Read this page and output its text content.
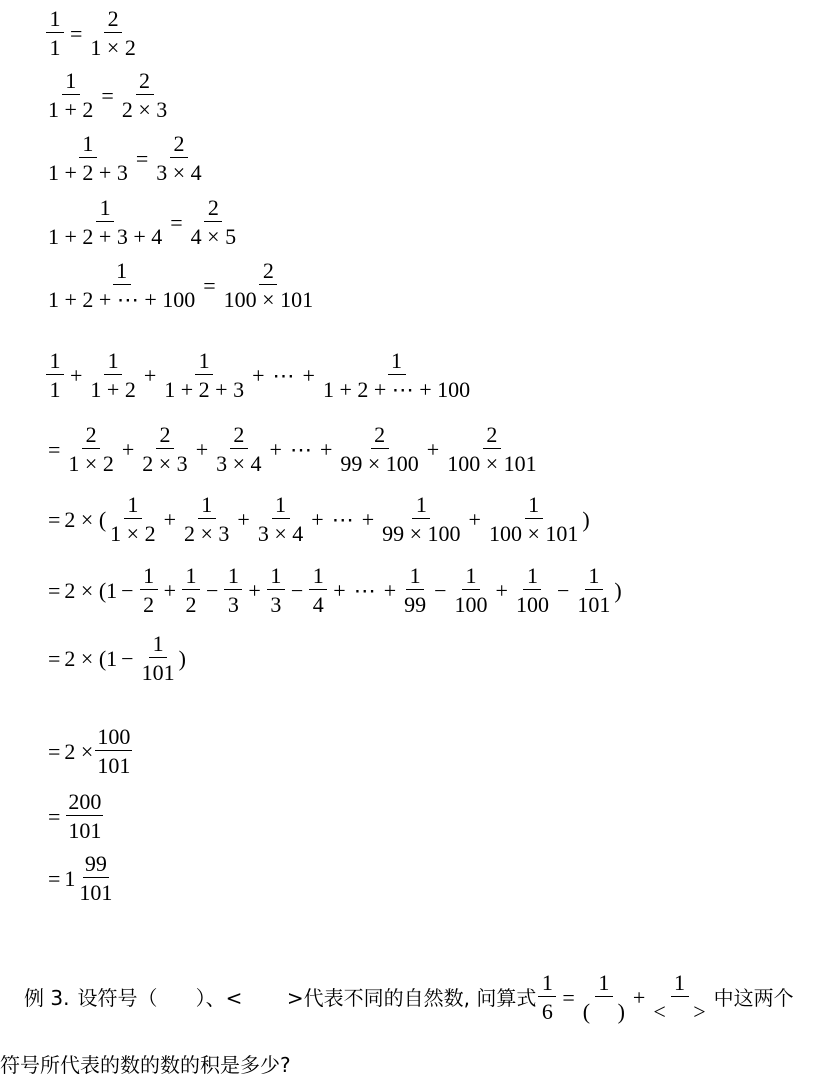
$\frac{1}{1} = \frac{2}{1 \times 2}$
$\frac{1}{1 + 2} = \frac{2}{2 \times 3}$
$\frac{1}{1 + 2 + 3} = \frac{2}{3 \times 4}$
$\frac{1}{1 + 2 + 3 + 4} = \frac{2}{4 \times 5}$
$\frac{1}{1 + 2 + \cdots + 100} = \frac{2}{100 \times 101}$
$\frac{1}{1} + \frac{1}{1 + 2} + \frac{1}{1 + 2 + 3}$ + ⋯ + $\frac{1}{1 + 2 + \cdots + 100}$
= $\frac{2}{1 \times 2} + \frac{2}{2 \times 3} + \frac{2}{3 \times 4}$ + ⋯ + $\frac{2}{99 \times 100} + \frac{2}{100 \times 101}$
= 2 × ( $\frac{1}{1 \times 2} + \frac{1}{2 \times 3} + \frac{1}{3 \times 4}$ + ⋯ + $\frac{1}{99 \times 100} + \frac{1}{100 \times 101}$ )
= $2 \times (1 - \frac{1}{2} + \frac{1}{2} - \frac{1}{3} + \frac{1}{3} - \frac{1}{4}$ + ⋯ + $\frac{1}{99} - \frac{1}{100} + \frac{1}{100} - \frac{1}{101}$ )
= $2 \times (1 - \frac{1}{101}$ )
= $2 \times \frac{100}{101}$
= $\frac{200}{101}$
= $1 \frac{99}{101}$
例 3. 设符号（      ）、<       >代表不同的自然数, 问算式 $\frac{1}{6} = \frac{1}{( )} + \frac{1}{< >}$ 中这两个
符号所代表的数的数的积是多少?
